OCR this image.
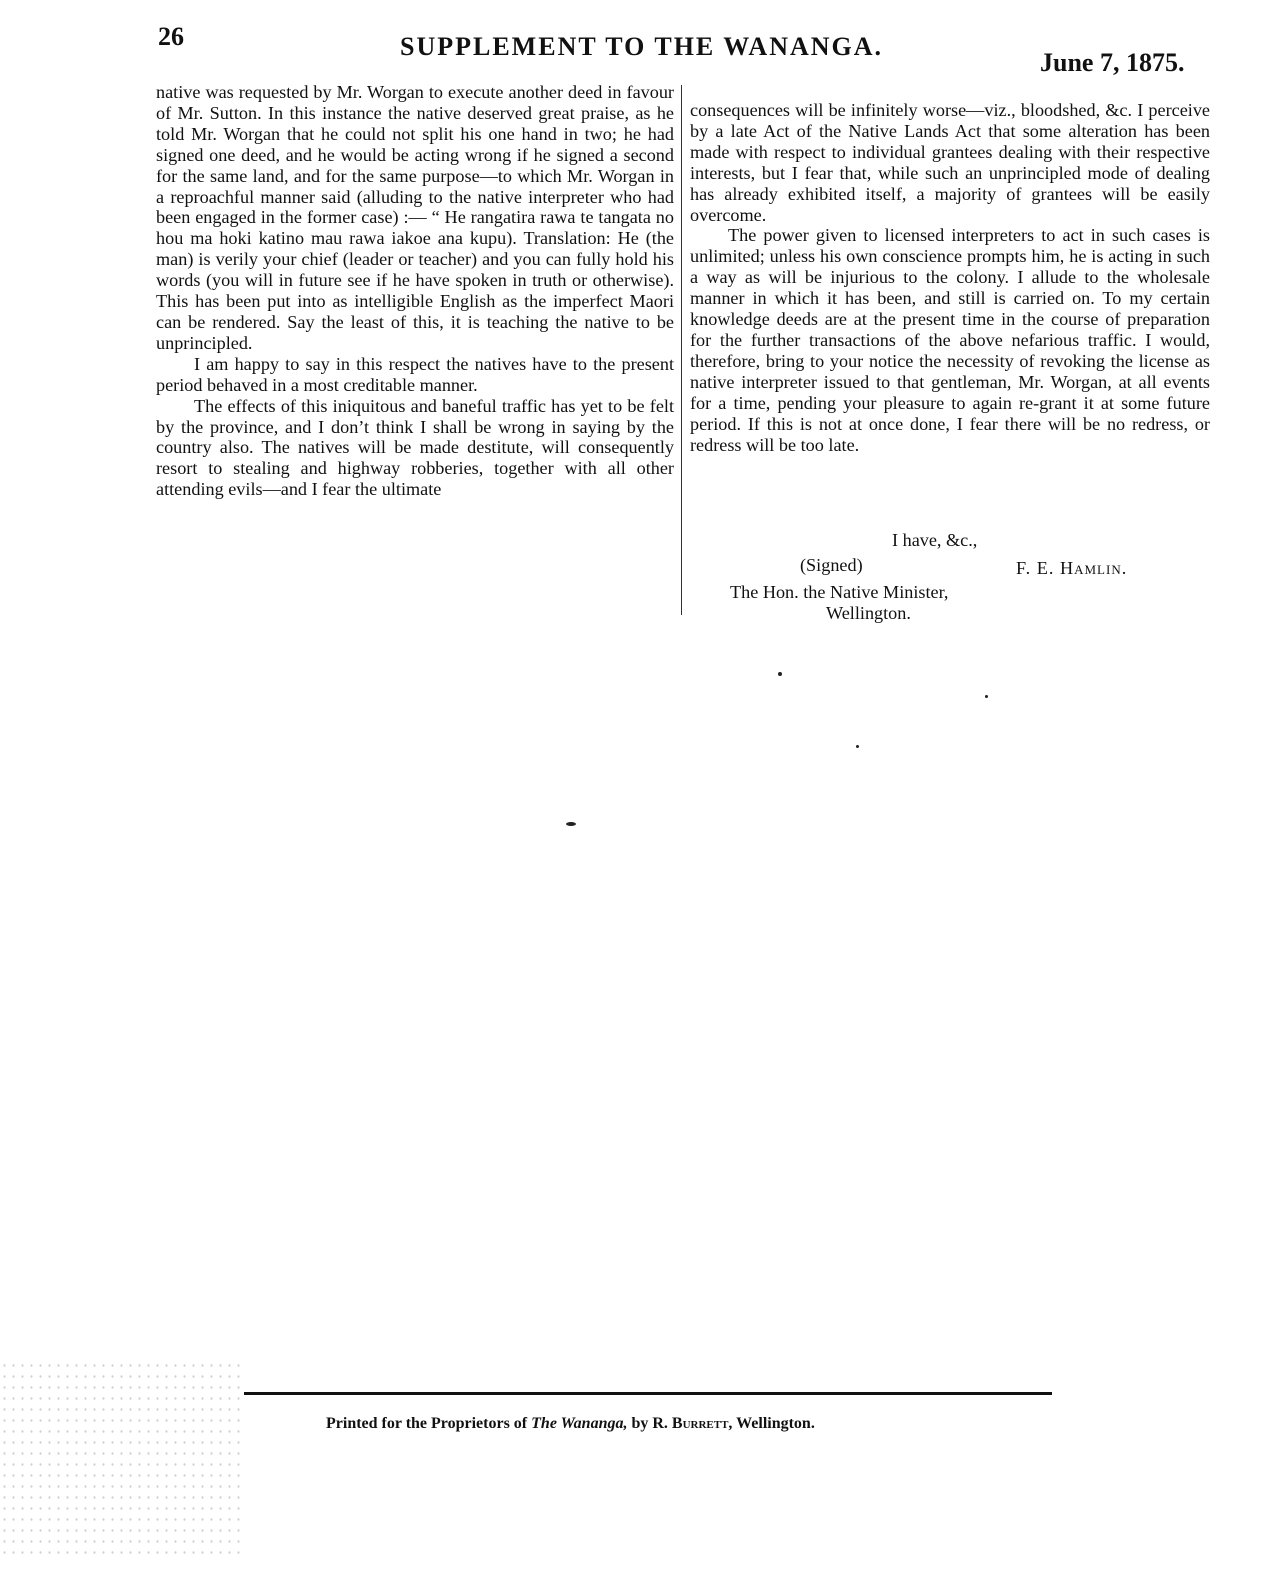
26	SUPPLEMENT TO THE WANANGA.
June 7, 1875.

native was requested by Mr. Worgan to execute another deed in favour of Mr. Sutton. In this instance the native deserved great praise, as he told Mr. Worgan that he could not split his one hand in two; he had signed one deed, and he would be acting wrong if he signed a second for the same land, and for the same purpose—to which Mr. Worgan in a reproachful manner said (alluding to the native interpreter who had been engaged in the former case) :— “ He rangatira rawa te tangata no hou ma hoki katino mau rawa iakoe ana kupu). Translation: He (the man) is verily your chief (leader or teacher) and you can fully hold his words (you will in future see if he have spoken in truth or otherwise). This has been put into as intelligible English as the imperfect Maori can be rendered. Say the least of this, it is teaching the native to be unprincipled.

I am happy to say in this respect the natives have to the present period behaved in a most creditable manner.

The effects of this iniquitous and baneful traffic has yet to be felt by the province, and I don’t think I shall be wrong in saying by the country also. The natives will be made destitute, will consequently resort to stealing and highway robberies, together with all other attending evils—and I fear the ultimate

consequences will be infinitely worse—viz., bloodshed, &c. I perceive by a late Act of the Native Lands Act that some alteration has been made with respect to individual grantees dealing with their respective interests, but I fear that, while such an unprincipled mode of dealing has already exhibited itself, a majority of grantees will be easily overcome.

The power given to licensed interpreters to act in such cases is unlimited; unless his own conscience prompts him, he is acting in such a way as will be injurious to the colony. I allude to the wholesale manner in which it has been, and still is carried on. To my certain knowledge deeds are at the present time in the course of preparation for the further transactions of the above nefarious traffic. I would, therefore, bring to your notice the necessity of revoking the license as native interpreter issued to that gentleman, Mr. Worgan, at all events for a time, pending your pleasure to again re-grant it at some future period. If this is not at once done, I fear there will be no redress, or redress will be too late.

I have, &c.,
(Signed)	F. E. Hamlin.
The Hon. the Native Minister,
Wellington.
Printed for the Proprietors of The Wananga, by R. Burrett, Wellington.
